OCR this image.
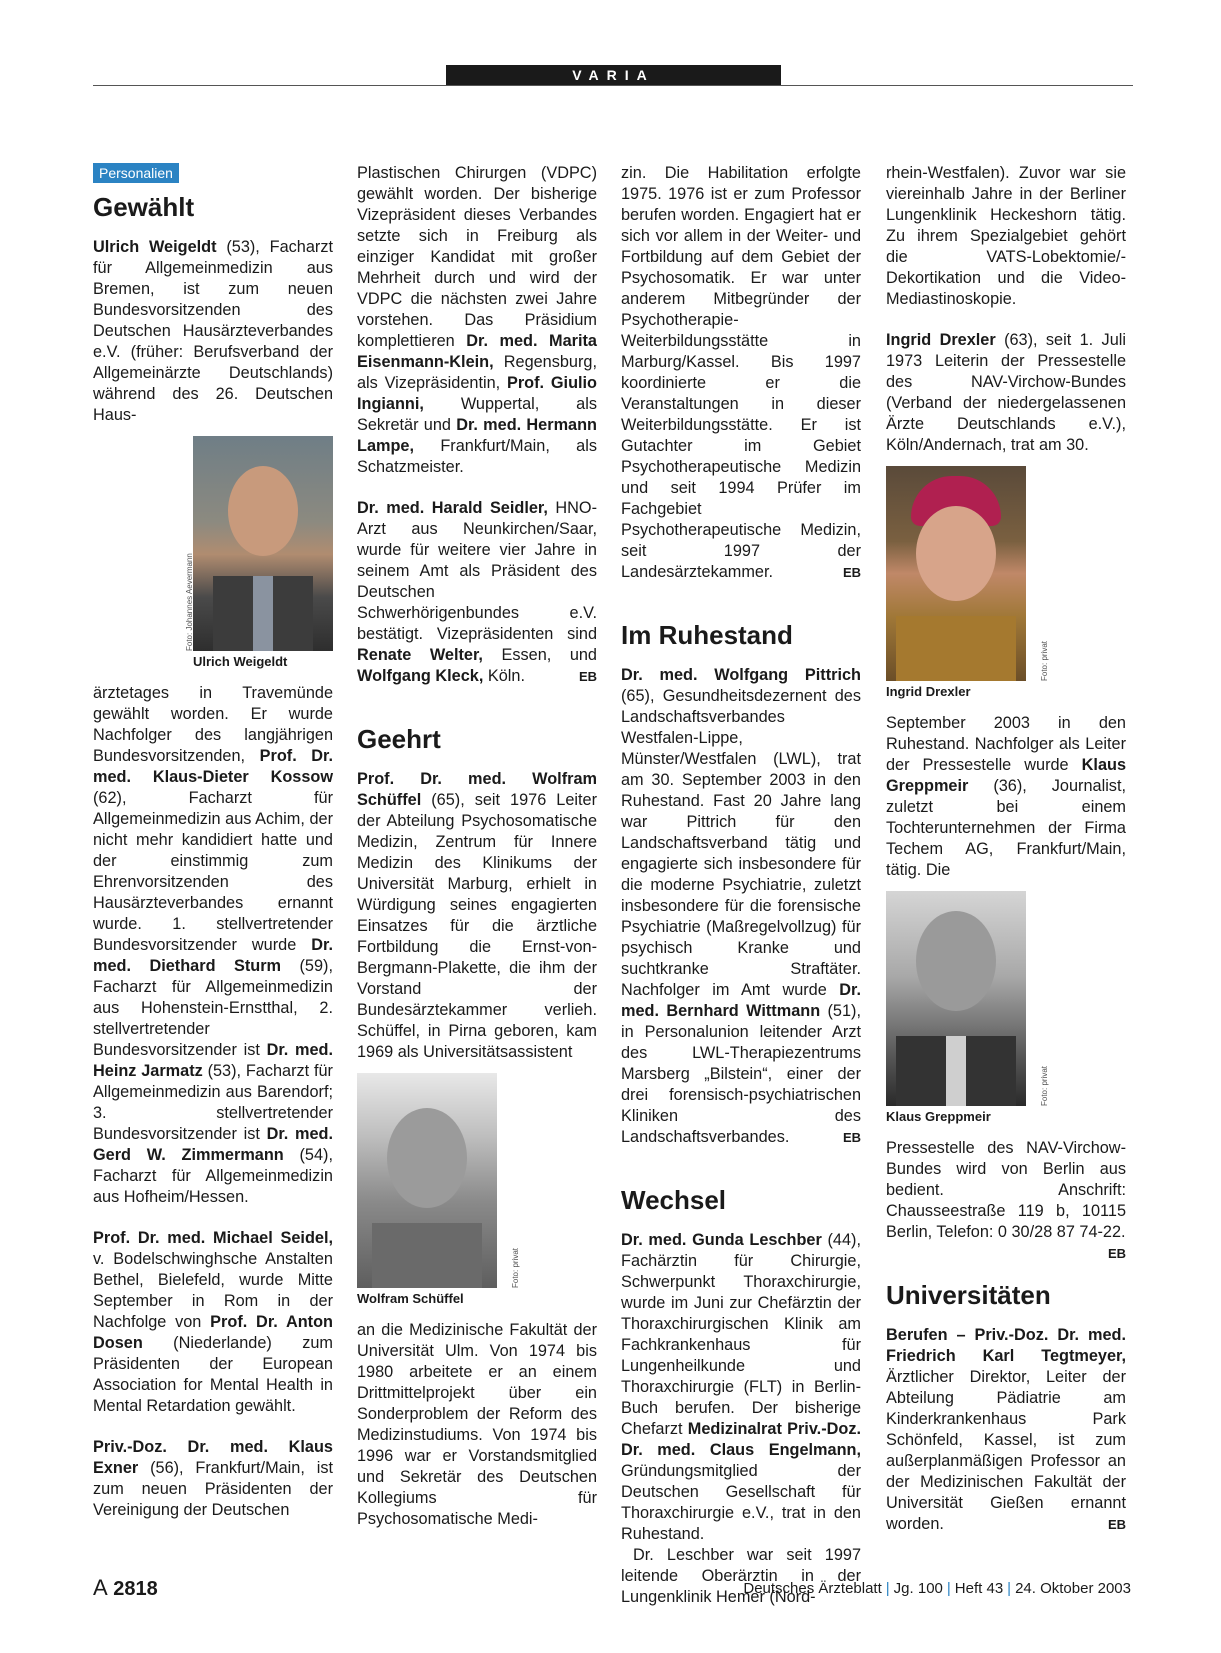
VARIA
Personalien
Gewählt

Ulrich Weigeldt (53), Facharzt für Allgemeinmedizin aus Bremen, ist zum neuen Bundesvorsitzenden des Deutschen Hausärzteverbandes e.V. (früher: Berufsverband der Allgemeinärzte Deutschlands) während des 26. Deutschen Haus-

Foto: Johannes Aevermann
Ulrich Weigeldt

ärztetages in Travemünde gewählt worden. Er wurde Nachfolger des langjährigen Bundesvorsitzenden, Prof. Dr. med. Klaus-Dieter Kossow (62), Facharzt für Allgemeinmedizin aus Achim, der nicht mehr kandidiert hatte und der einstimmig zum Ehrenvorsitzenden des Hausärzteverbandes ernannt wurde. 1. stellvertretender Bundesvorsitzender wurde Dr. med. Diethard Sturm (59), Facharzt für Allgemeinmedizin aus Hohenstein-Ernstthal, 2. stellvertretender Bundesvorsitzender ist Dr. med. Heinz Jarmatz (53), Facharzt für Allgemeinmedizin aus Barendorf; 3. stellvertretender Bundesvorsitzender ist Dr. med. Gerd W. Zimmermann (54), Facharzt für Allgemeinmedizin aus Hofheim/Hessen.

Prof. Dr. med. Michael Seidel, v. Bodelschwinghsche Anstalten Bethel, Bielefeld, wurde Mitte September in Rom in der Nachfolge von Prof. Dr. Anton Dosen (Niederlande) zum Präsidenten der European Association for Mental Health in Mental Retardation gewählt.

Priv.-Doz. Dr. med. Klaus Exner (56), Frankfurt/Main, ist zum neuen Präsidenten der Vereinigung der Deutschen

Plastischen Chirurgen (VDPC) gewählt worden. Der bisherige Vizepräsident dieses Verbandes setzte sich in Freiburg als einziger Kandidat mit großer Mehrheit durch und wird der VDPC die nächsten zwei Jahre vorstehen. Das Präsidium komplettieren Dr. med. Marita Eisenmann-Klein, Regensburg, als Vizepräsidentin, Prof. Giulio Ingianni, Wuppertal, als Sekretär und Dr. med. Hermann Lampe, Frankfurt/Main, als Schatzmeister.

Dr. med. Harald Seidler, HNO-Arzt aus Neunkirchen/Saar, wurde für weitere vier Jahre in seinem Amt als Präsident des Deutschen Schwerhörigenbundes e.V. bestätigt. Vizepräsidenten sind Renate Welter, Essen, und Wolfgang Kleck, Köln.	EB

Geehrt

Prof. Dr. med. Wolfram Schüffel (65), seit 1976 Leiter der Abteilung Psychosomatische Medizin, Zentrum für Innere Medizin des Klinikums der Universität Marburg, erhielt in Würdigung seines engagierten Einsatzes für die ärztliche Fortbildung die Ernst-von-Bergmann-Plakette, die ihm der Vorstand der Bundesärztekammer verlieh. Schüffel, in Pirna geboren, kam 1969 als Universitätsassistent

Foto: privat
Wolfram Schüffel

an die Medizinische Fakultät der Universität Ulm. Von 1974 bis 1980 arbeitete er an einem Drittmittelprojekt über ein Sonderproblem der Reform des Medizinstudiums. Von 1974 bis 1996 war er Vorstandsmitglied und Sekretär des Deutschen Kollegiums für Psychosomatische Medi-

zin. Die Habilitation erfolgte 1975. 1976 ist er zum Professor berufen worden. Engagiert hat er sich vor allem in der Weiter- und Fortbildung auf dem Gebiet der Psychosomatik. Er war unter anderem Mitbegründer der Psychotherapie-Weiterbildungsstätte in Marburg/Kassel. Bis 1997 koordinierte er die Veranstaltungen in dieser Weiterbildungsstätte. Er ist Gutachter im Gebiet Psychotherapeutische Medizin und seit 1994 Prüfer im Fachgebiet Psychotherapeutische Medizin, seit 1997 der Landesärztekammer.	EB

Im Ruhestand

Dr. med. Wolfgang Pittrich (65), Gesundheitsdezernent des Landschaftsverbandes Westfalen-Lippe, Münster/Westfalen (LWL), trat am 30. September 2003 in den Ruhestand. Fast 20 Jahre lang war Pittrich für den Landschaftsverband tätig und engagierte sich insbesondere für die moderne Psychiatrie, zuletzt insbesondere für die forensische Psychiatrie (Maßregelvollzug) für psychisch Kranke und suchtkranke Straftäter. Nachfolger im Amt wurde Dr. med. Bernhard Wittmann (51), in Personalunion leitender Arzt des LWL-Therapiezentrums Marsberg „Bilstein“, einer der drei forensisch-psychiatrischen Kliniken des Landschaftsverbandes.	EB

Wechsel

Dr. med. Gunda Leschber (44), Fachärztin für Chirurgie, Schwerpunkt Thoraxchirurgie, wurde im Juni zur Chefärztin der Thoraxchirurgischen Klinik am Fachkrankenhaus für Lungenheilkunde und Thoraxchirurgie (FLT) in Berlin-Buch berufen. Der bisherige Chefarzt Medizinalrat Priv.-Doz. Dr. med. Claus Engelmann, Gründungsmitglied der Deutschen Gesellschaft für Thoraxchirurgie e.V., trat in den Ruhestand.

Dr. Leschber war seit 1997 leitende Oberärztin in der Lungenklinik Hemer (Nord-

rhein-Westfalen). Zuvor war sie viereinhalb Jahre in der Berliner Lungenklinik Heckeshorn tätig. Zu ihrem Spezialgebiet gehört die VATS-Lobektomie/-Dekortikation und die Video-Mediastinoskopie.

Ingrid Drexler (63), seit 1. Juli 1973 Leiterin der Pressestelle des NAV-Virchow-Bundes (Verband der niedergelassenen Ärzte Deutschlands e.V.), Köln/Andernach, trat am 30.

Foto: privat
Ingrid Drexler

September 2003 in den Ruhestand. Nachfolger als Leiter der Pressestelle wurde Klaus Greppmeir (36), Journalist, zuletzt bei einem Tochterunternehmen der Firma Techem AG, Frankfurt/Main, tätig. Die

Foto: privat
Klaus Greppmeir

Pressestelle des NAV-Virchow-Bundes wird von Berlin aus bedient. Anschrift: Chausseestraße 119 b, 10115 Berlin, Telefon: 0 30/28 87 74-22.
EB

Universitäten

Berufen – Priv.-Doz. Dr. med. Friedrich Karl Tegtmeyer, Ärztlicher Direktor, Leiter der Abteilung Pädiatrie am Kinderkrankenhaus Park Schönfeld, Kassel, ist zum außerplanmäßigen Professor an der Medizinischen Fakultät der Universität Gießen ernannt worden.	EB

A 2818	Deutsches Ärzteblatt | Jg. 100 | Heft 43 | 24. Oktober 2003
